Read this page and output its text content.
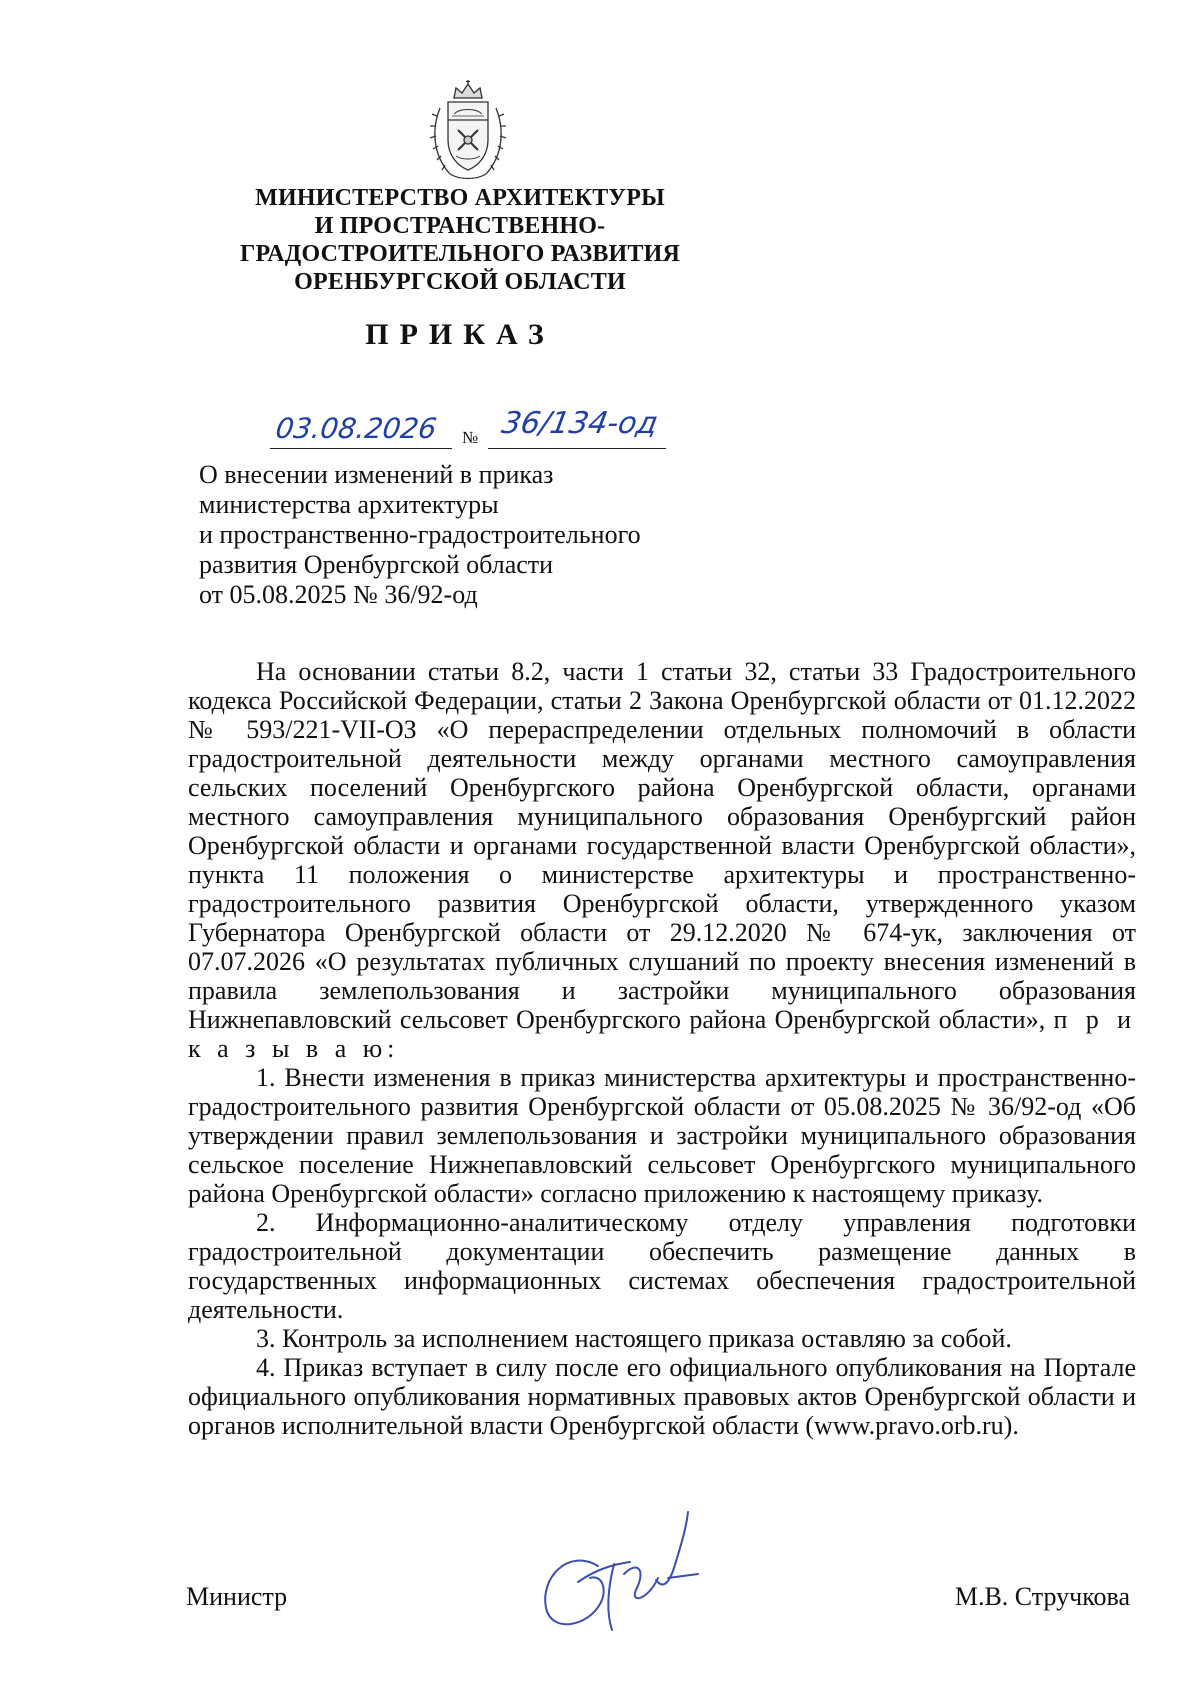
МИНИСТЕРСТВО АРХИТЕКТУРЫ
И ПРОСТРАНСТВЕННО-
ГРАДОСТРОИТЕЛЬНОГО РАЗВИТИЯ
ОРЕНБУРГСКОЙ ОБЛАСТИ
ПРИКАЗ
03.08.2026 № 36/134-од
О внесении изменений в приказ
министерства архитектуры
и пространственно-градостроительного
развития Оренбургской области
от 05.08.2025 № 36/92-од

На основании статьи 8.2, части 1 статьи 32, статьи 33 Градостроительного кодекса Российской Федерации, статьи 2 Закона Оренбургской области от 01.12.2022 № 593/221-VII-ОЗ «О перераспределении отдельных полномочий в области градостроительной деятельности между органами местного самоуправления сельских поселений Оренбургского района Оренбургской области, органами местного самоуправления муниципального образования Оренбургский район Оренбургской области и органами государственной власти Оренбургской области», пункта 11 положения о министерстве архитектуры и пространственно-градостроительного развития Оренбургской области, утвержденного указом Губернатора Оренбургской области от 29.12.2020 № 674-ук, заключения от 07.07.2026 «О результатах публичных слушаний по проекту внесения изменений в правила землепользования и застройки муниципального образования Нижнепавловский сельсовет Оренбургского района Оренбургской области», п р и к а з ы в а ю:

1. Внести изменения в приказ министерства архитектуры и пространственно-градостроительного развития Оренбургской области от 05.08.2025 № 36/92-од «Об утверждении правил землепользования и застройки муниципального образования сельское поселение Нижнепавловский сельсовет Оренбургского муниципального района Оренбургской области» согласно приложению к настоящему приказу.

2. Информационно-аналитическому отделу управления подготовки градостроительной документации обеспечить размещение данных в государственных информационных системах обеспечения градостроительной деятельности.

3. Контроль за исполнением настоящего приказа оставляю за собой.

4. Приказ вступает в силу после его официального опубликования на Портале официального опубликования нормативных правовых актов Оренбургской области и органов исполнительной власти Оренбургской области (www.pravo.orb.ru).

Министр	М.В. Стручкова
